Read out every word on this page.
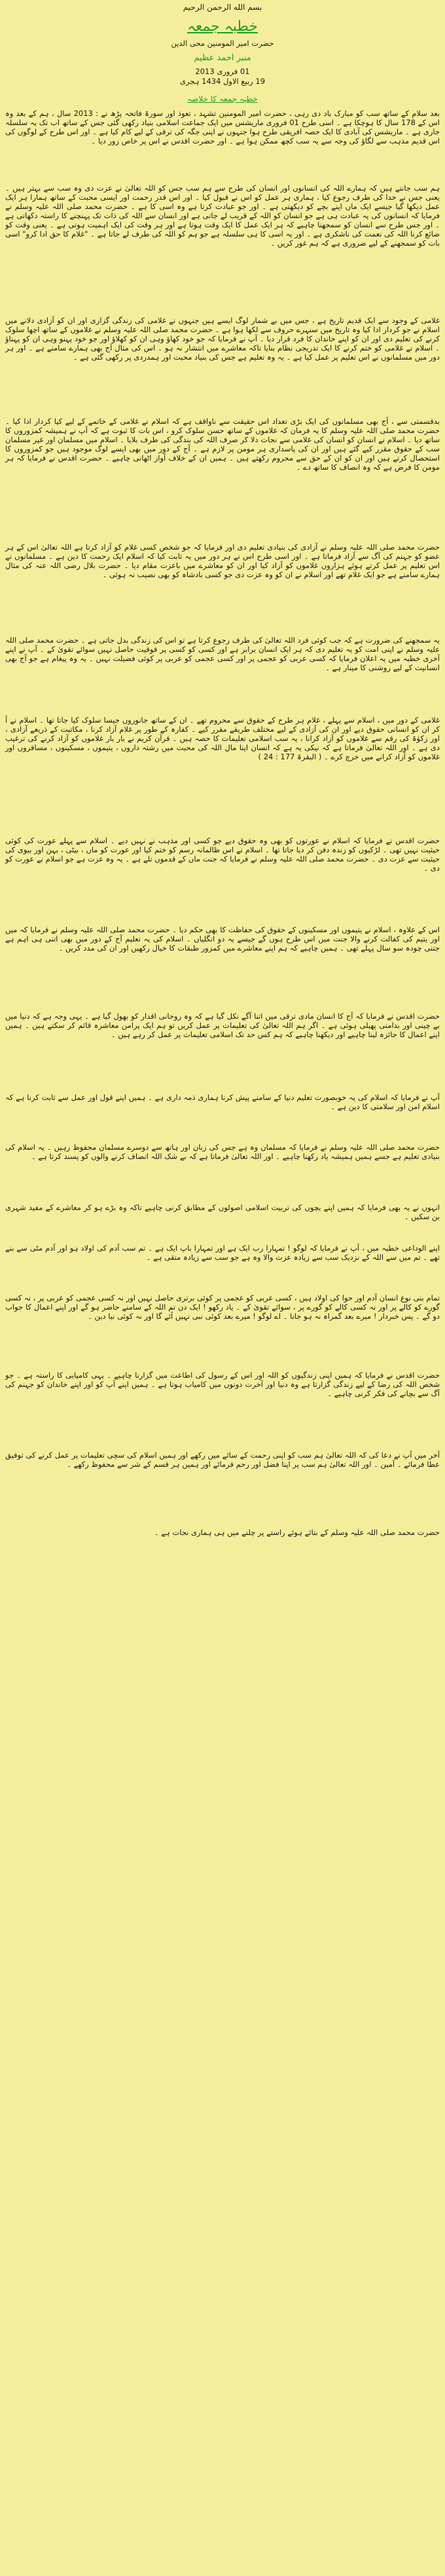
بسم الله الرحمن الرحیم
خطبہ جمعہ
حضرت امیر المومنین محی الدین
منیر احمد عظیم
01 فروری 2013
19 ربیع الاول 1434 ہجری
خطبہ جمعہ کا خلاصہ

بعد سلام کے ساتھ سب کو مبارک باد دی رہی ، حضرت امیر المومنین تشہد ، تعوذ اور سورۃ فاتحہ پڑھ نے : 2013 سال ، ہم کے بعد وہ اس کے 178 سال کا ہوچکا ہے ۔ اسی طرح 01 فروری ماریشس میں ایک جماعت اسلامی بنیاد رکھی گئی جس کے ساتھ اب تک یہ سلسلہ جاری ہے ۔ ماریشس کی آبادی کا ایک حصہ افریقی طرح ہوا جنہوں نے اپنی جگہ کی ترقی کے لیے کام کیا ہے ۔ اور اس طرح کے لوگوں کی اس قدیم مذہب سے لگاؤ کی وجہ سے یہ سب کچھ ممکن ہوا ہے ۔ اور حضرت اقدس نے اس پر خاص زور دیا ۔

ہم سب جانتے ہیں کہ ہمارے اللہ کی انسانوں اور انسان کی طرح سے ہم سب جس کو اللہ تعالیٰ نے عزت دی وہ سب سے بہتر ہیں ۔ یعنی جس نے خدا کی طرف رجوع کیا ، ہماری ہر عمل کو اس نے قبول کیا ۔ اور اس قدر رحمت اور ایسی محبت کے ساتھ ہمارا ہر ایک عمل دیکھا گیا جیسے ایک ماں اپنے بچے کو دیکھتی ہے ۔ اور جو عبادت کرتا ہے وہ اسی کا ہے ۔ حضرت محمد صلی اللہ علیہ وسلم نے فرمایا کہ انسانوں کی یہ عبادت ہی ہے جو انسان کو اللہ کے قریب لے جاتی ہے اور انسان سے اللہ کی ذات تک پہنچنے کا راستہ دکھاتی ہے ۔ اور جس طرح سے انسان کو سمجھنا چاہیے کہ ہر ایک عمل کا ایک وقت ہوتا ہے اور ہر وقت کی ایک اہمیت ہوتی ہے ۔ یعنی وقت کو ضائع کرنا اللہ کی نعمت کی ناشکری ہے ۔ اور یہ اسی کا ہی سلسلہ ہے جو ہم کو اللہ کی طرف لے جاتا ہے ۔ "غلام کا حق ادا کرو" اسی بات کو سمجھنے کے لیے ضروری ہے کہ ہم غور کریں ۔

غلامی کے وجود سے ایک قدیم تاریخ ہے ، جس میں بے شمار لوگ ایسے ہیں جنہوں نے غلامی کی زندگی گزاری اور ان کو آزادی دلانے میں اسلام نے جو کردار ادا کیا وہ تاریخ میں سنہرے حروف سے لکھا ہوا ہے ۔ حضرت محمد صلی اللہ علیہ وسلم نے غلاموں کے ساتھ اچھا سلوک کرنے کی تعلیم دی اور ان کو اپنے خاندان کا فرد قرار دیا ۔ آپ نے فرمایا کہ جو خود کھاؤ وہی ان کو کھلاؤ اور جو خود پہنو وہی ان کو پہناؤ ۔ اسلام نے غلامی کو ختم کرنے کا ایک تدریجی نظام بنایا تاکہ معاشرے میں انتشار نہ ہو ۔ اس کی مثال آج بھی ہمارے سامنے ہے ۔ اور ہر دور میں مسلمانوں نے اس تعلیم پر عمل کیا ہے ۔ یہ وہ تعلیم ہے جس کی بنیاد محبت اور ہمدردی پر رکھی گئی ہے ۔

بدقسمتی سے ، آج بھی مسلمانوں کی ایک بڑی تعداد اس حقیقت سے ناواقف ہے کہ اسلام نے غلامی کے خاتمے کے لیے کیا کردار ادا کیا ۔ حضرت محمد صلی اللہ علیہ وسلم کا یہ فرمان کہ غلاموں کے ساتھ حسن سلوک کرو ، اس بات کا ثبوت ہے کہ آپ نے ہمیشہ کمزوروں کا ساتھ دیا ۔ اسلام نے انسان کو انسان کی غلامی سے نجات دلا کر صرف اللہ کی بندگی کی طرف بلایا ۔ اسلام میں مسلمان اور غیر مسلمان سب کے حقوق مقرر کیے گئے ہیں اور ان کی پاسداری ہر مومن پر لازم ہے ۔ آج کے دور میں بھی ایسے لوگ موجود ہیں جو کمزوروں کا استحصال کرتے ہیں اور ان کو ان کے حق سے محروم رکھتے ہیں ۔ ہمیں ان کے خلاف آواز اٹھانی چاہیے ۔ حضرت اقدس نے فرمایا کہ ہر مومن کا فرض ہے کہ وہ انصاف کا ساتھ دے ۔

حضرت محمد صلی اللہ علیہ وسلم نے آزادی کی بنیادی تعلیم دی اور فرمایا کہ جو شخص کسی غلام کو آزاد کرتا ہے اللہ تعالیٰ اس کے ہر عضو کو جہنم کی آگ سے آزاد فرماتا ہے ۔ اور اسی طرح اس نے ہر دور میں یہ ثابت کیا کہ اسلام ایک رحمت کا دین ہے ۔ مسلمانوں نے اس تعلیم پر عمل کرتے ہوئے ہزاروں غلاموں کو آزاد کیا اور ان کو معاشرے میں باعزت مقام دیا ۔ حضرت بلال رضی اللہ عنہ کی مثال ہمارے سامنے ہے جو ایک غلام تھے اور اسلام نے ان کو وہ عزت دی جو کسی بادشاہ کو بھی نصیب نہ ہوئی ۔

یہ سمجھنے کی ضرورت ہے کہ جب کوئی فرد اللہ تعالیٰ کی طرف رجوع کرتا ہے تو اس کی زندگی بدل جاتی ہے ۔ حضرت محمد صلی اللہ علیہ وسلم نے اپنی امت کو یہ تعلیم دی کہ ہر ایک انسان برابر ہے اور کسی کو کسی پر فوقیت حاصل نہیں سوائے تقویٰ کے ۔ آپ نے اپنے آخری خطبہ میں یہ اعلان فرمایا کہ کسی عربی کو عجمی پر اور کسی عجمی کو عربی پر کوئی فضیلت نہیں ۔ یہ وہ پیغام ہے جو آج بھی انسانیت کے لیے روشنی کا مینار ہے ۔

غلامی کے دور میں ، اسلام سے پہلے ، غلام ہر طرح کے حقوق سے محروم تھے ۔ ان کے ساتھ جانوروں جیسا سلوک کیا جاتا تھا ۔ اسلام نے آ کر ان کو انسانی حقوق دیے اور ان کی آزادی کے لیے مختلف طریقے مقرر کیے ۔ کفارہ کے طور پر غلام آزاد کرنا ، مکاتبت کے ذریعے آزادی ، اور زکوٰۃ کی رقم سے غلاموں کو آزاد کرانا ، یہ سب اسلامی تعلیمات کا حصہ ہیں ۔ قرآن کریم نے بار بار غلاموں کو آزاد کرنے کی ترغیب دی ہے ۔ اور اللہ تعالیٰ فرماتا ہے کہ نیکی یہ ہے کہ انسان اپنا مال اللہ کی محبت میں رشتہ داروں ، یتیموں ، مسکینوں ، مسافروں اور غلاموں کو آزاد کرانے میں خرچ کرے ۔ ( البقرۃ 177 : 24 )

حضرت اقدس نے فرمایا کہ اسلام نے عورتوں کو بھی وہ حقوق دیے جو کسی اور مذہب نے نہیں دیے ۔ اسلام سے پہلے عورت کی کوئی حیثیت نہیں تھی ۔ لڑکیوں کو زندہ دفن کر دیا جاتا تھا ۔ اسلام نے اس ظالمانہ رسم کو ختم کیا اور عورت کو ماں ، بیٹی ، بہن اور بیوی کی حیثیت سے عزت دی ۔ حضرت محمد صلی اللہ علیہ وسلم نے فرمایا کہ جنت ماں کے قدموں تلے ہے ۔ یہ وہ عزت ہے جو اسلام نے عورت کو دی ۔

اس کے علاوہ ، اسلام نے یتیموں اور مسکینوں کے حقوق کی حفاظت کا بھی حکم دیا ۔ حضرت محمد صلی اللہ علیہ وسلم نے فرمایا کہ میں اور یتیم کی کفالت کرنے والا جنت میں اس طرح ہوں گے جیسے یہ دو انگلیاں ۔ اسلام کی یہ تعلیم آج کے دور میں بھی اتنی ہی اہم ہے جتنی چودہ سو سال پہلے تھی ۔ ہمیں چاہیے کہ ہم اپنے معاشرے میں کمزور طبقات کا خیال رکھیں اور ان کی مدد کریں ۔

حضرت اقدس نے فرمایا کہ آج کا انسان مادی ترقی میں اتنا آگے نکل گیا ہے کہ وہ روحانی اقدار کو بھول گیا ہے ۔ یہی وجہ ہے کہ دنیا میں بے چینی اور بدامنی پھیلی ہوئی ہے ۔ اگر ہم اللہ تعالیٰ کی تعلیمات پر عمل کریں تو ہم ایک پرامن معاشرہ قائم کر سکتے ہیں ۔ ہمیں اپنے اعمال کا جائزہ لینا چاہیے اور دیکھنا چاہیے کہ ہم کس حد تک اسلامی تعلیمات پر عمل کر رہے ہیں ۔

آپ نے فرمایا کہ اسلام کی یہ خوبصورت تعلیم دنیا کے سامنے پیش کرنا ہماری ذمہ داری ہے ۔ ہمیں اپنے قول اور عمل سے ثابت کرنا ہے کہ اسلام امن اور سلامتی کا دین ہے ۔

حضرت محمد صلی اللہ علیہ وسلم نے فرمایا کہ مسلمان وہ ہے جس کی زبان اور ہاتھ سے دوسرے مسلمان محفوظ رہیں ۔ یہ اسلام کی بنیادی تعلیم ہے جسے ہمیں ہمیشہ یاد رکھنا چاہیے ۔ اور اللہ تعالیٰ فرماتا ہے کہ بے شک اللہ انصاف کرنے والوں کو پسند کرتا ہے ۔

انہوں نے یہ بھی فرمایا کہ ہمیں اپنے بچوں کی تربیت اسلامی اصولوں کے مطابق کرنی چاہیے تاکہ وہ بڑے ہو کر معاشرے کے مفید شہری بن سکیں ۔

اپنے الوداعی خطبہ میں ، آپ نے فرمایا کہ لوگو ! تمہارا رب ایک ہے اور تمہارا باپ ایک ہے ۔ تم سب آدم کی اولاد ہو اور آدم مٹی سے بنے تھے ۔ تم میں سے اللہ کے نزدیک سب سے زیادہ عزت والا وہ ہے جو سب سے زیادہ متقی ہے ۔

تمام بنی نوع انسان آدم اور حوا کی اولاد ہیں ، کسی عربی کو عجمی پر کوئی برتری حاصل نہیں اور نہ کسی عجمی کو عربی پر ، نہ کسی گورے کو کالے پر اور نہ کسی کالے کو گورے پر ، سوائے تقویٰ کے ۔ یاد رکھو ! ایک دن تم اللہ کے سامنے حاضر ہو گے اور اپنے اعمال کا جواب دو گے ۔ پس خبردار ! میرے بعد گمراہ نہ ہو جانا ۔ اے لوگو ! میرے بعد کوئی نبی نہیں آئے گا اور نہ کوئی نیا دین ۔

حضرت اقدس نے فرمایا کہ ہمیں اپنی زندگیوں کو اللہ اور اس کے رسول کی اطاعت میں گزارنا چاہیے ۔ یہی کامیابی کا راستہ ہے ۔ جو شخص اللہ کی رضا کے لیے زندگی گزارتا ہے وہ دنیا اور آخرت دونوں میں کامیاب ہوتا ہے ۔ ہمیں اپنے آپ کو اور اپنے خاندان کو جہنم کی آگ سے بچانے کی فکر کرنی چاہیے ۔

آخر میں آپ نے دعا کی کہ اللہ تعالیٰ ہم سب کو اپنی رحمت کے سائے میں رکھے اور ہمیں اسلام کی سچی تعلیمات پر عمل کرنے کی توفیق عطا فرمائے ۔ آمین ۔ اور اللہ تعالیٰ ہم سب پر اپنا فضل اور رحم فرمائے اور ہمیں ہر قسم کے شر سے محفوظ رکھے ۔

حضرت محمد صلی اللہ علیہ وسلم کے بتائے ہوئے راستے پر چلنے میں ہی ہماری نجات ہے ۔
